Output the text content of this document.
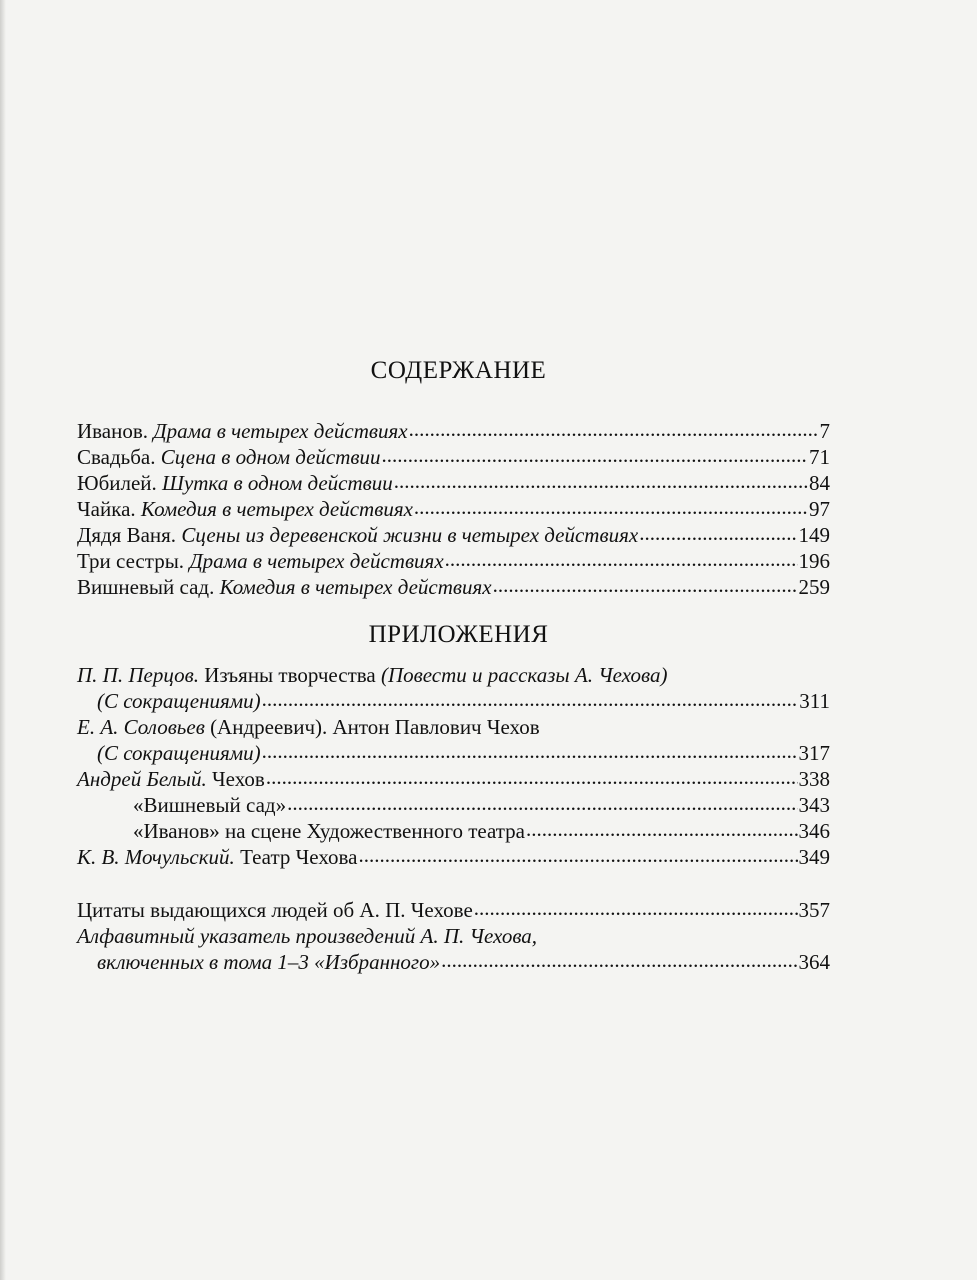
СОДЕРЖАНИЕ
Иванов. Драма в четырех действиях .....	7
Свадьба. Сцена в одном действии .....	71
Юбилей. Шутка в одном действии .....	84
Чайка. Комедия в четырех действиях .....	97
Дядя Ваня. Сцены из деревенской жизни в четырех действиях .....	149
Три сестры. Драма в четырех действиях .....	196
Вишневый сад. Комедия в четырех действиях .....	259
ПРИЛОЖЕНИЯ
П. П. Перцов. Изъяны творчества (Повести и рассказы А. Чехова)
(С сокращениями) .....	311
Е. А. Соловьев (Андреевич). Антон Павлович Чехов
(С сокращениями) .....	317
Андрей Белый. Чехов .....	338
«Вишневый сад» .....	343
«Иванов» на сцене Художественного театра .....	346
К. В. Мочульский. Театр Чехова .....	349
Цитаты выдающихся людей об А. П. Чехове .....	357
Алфавитный указатель произведений А. П. Чехова,
включенных в тома 1–3 «Избранного» .....	364
